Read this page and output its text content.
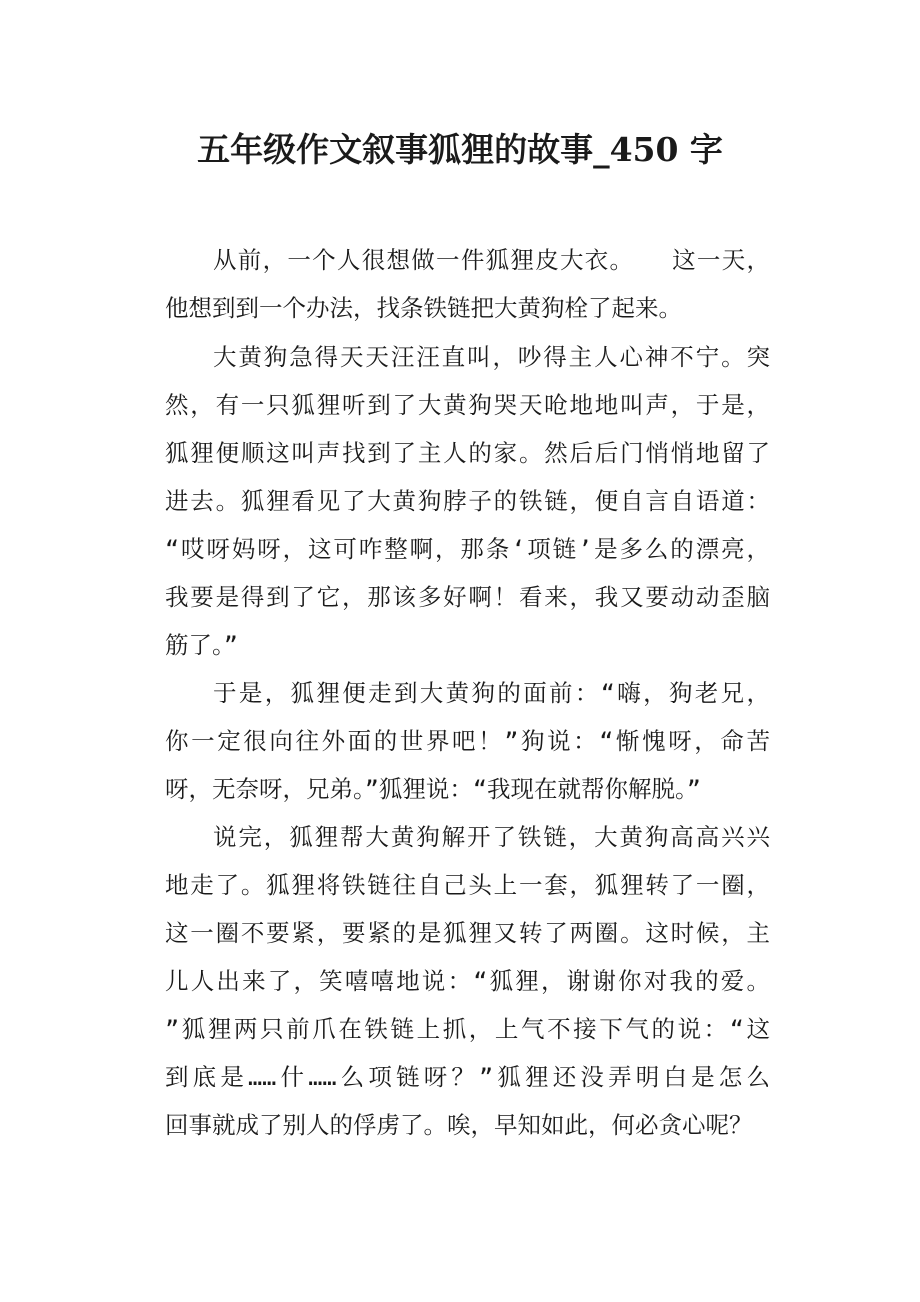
五年级作文叙事狐狸的故事_450 字
从前，一个人很想做一件狐狸皮大衣。　　这一天，
他想到到一个办法，找条铁链把大黄狗栓了起来。
大黄狗急得天天汪汪直叫，吵得主人心神不宁。突
然，有一只狐狸听到了大黄狗哭天呛地地叫声，于是，
狐狸便顺这叫声找到了主人的家。然后后门悄悄地留了
进去。狐狸看见了大黄狗脖子的铁链，便自言自语道：
“哎呀妈呀，这可咋整啊，那条‘项链’是多么的漂亮，
我要是得到了它，那该多好啊！看来，我又要动动歪脑
筋了。”
于是，狐狸便走到大黄狗的面前：“嗨，狗老兄，
你一定很向往外面的世界吧！”狗说：“惭愧呀，命苦
呀，无奈呀，兄弟。”狐狸说：“我现在就帮你解脱。”
说完，狐狸帮大黄狗解开了铁链，大黄狗高高兴兴
地走了。狐狸将铁链往自己头上一套，狐狸转了一圈，
这一圈不要紧，要紧的是狐狸又转了两圈。这时候，主
儿人出来了，笑嘻嘻地说：“狐狸，谢谢你对我的爱。
”狐狸两只前爪在铁链上抓，上气不接下气的说：“这
到底是……什……么项链呀？”狐狸还没弄明白是怎么
回事就成了别人的俘虏了。唉，早知如此，何必贪心呢？
